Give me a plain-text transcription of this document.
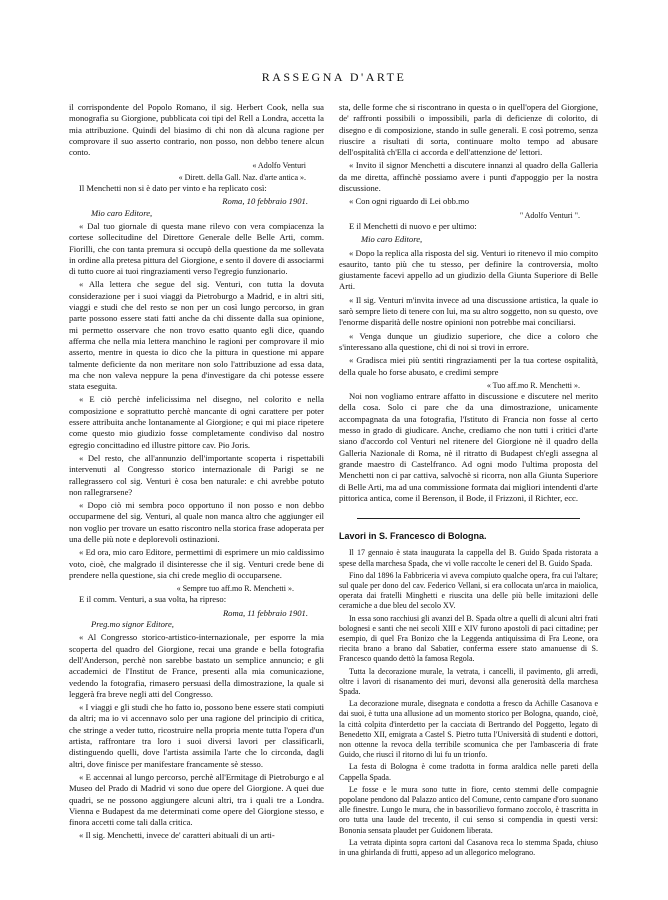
RASSEGNA D'ARTE

il corrispondente del Popolo Romano, il sig. Herbert Cook, nella sua monografia su Giorgione, pubblicata coi tipi del Rell a Londra, accetta la mia attribuzione. Quindi del biasimo di chi non dà alcuna ragione per comprovare il suo asserto contrario, non posso, non debbo tenere alcun conto.

« Adolfo Venturi
« Dirett. della Gall. Naz. d'arte antica ».

Il Menchetti non si è dato per vinto e ha replicato così:

Roma, 10 febbraio 1901.

Mio caro Editore,

« Dal tuo giornale di questa mane rilevo con vera compiacenza la cortese sollecitudine del Direttore Generale delle Belle Arti, comm. Fiorilli, che con tanta premura si occupò della questione da me sollevata in ordine alla pretesa pittura del Giorgione, e sento il dovere di associarmi di tutto cuore ai tuoi ringraziamenti verso l'egregio funzionario.

« Alla lettera che segue del sig. Venturi, con tutta la dovuta considerazione per i suoi viaggi da Pietroburgo a Madrid, e in altri siti, viaggi e studi che del resto se non per un così lungo percorso, in gran parte possono essere stati fatti anche da chi dissente dalla sua opinione, mi permetto osservare che non trovo esatto quanto egli dice, quando afferma che nella mia lettera manchino le ragioni per comprovare il mio asserto, mentre in questa io dico che la pittura in questione mi appare talmente deficiente da non meritare non solo l'attribuzione ad essa data, ma che non valeva neppure la pena d'investigare da chi potesse essere stata eseguita.

« E ciò perchè infelicissima nel disegno, nel colorito e nella composizione e soprattutto perchè mancante di ogni carattere per poter essere attribuita anche lontanamente al Giorgione; e qui mi piace ripetere come questo mio giudizio fosse completamente condiviso dal nostro egregio concittadino ed illustre pittore cav. Pio Joris.

« Del resto, che all'annunzio dell'importante scoperta i rispettabili intervenuti al Congresso storico internazionale di Parigi se ne rallegrassero col sig. Venturi è cosa ben naturale: e chi avrebbe potuto non rallegrarsene?

« Dopo ciò mi sembra poco opportuno il non posso e non debbo occuparmene del sig. Venturi, al quale non manca altro che aggiunger eil non voglio per trovare un esatto riscontro nella storica frase adoperata per una delle più note e deplorevoli ostinazioni.

« Ed ora, mio caro Editore, permettimi di esprimere un mio caldissimo voto, cioè, che malgrado il disinteresse che il sig. Venturi crede bene di prendere nella questione, sia chi crede meglio di occuparsene.

« Sempre tuo aff.mo R. Menchetti ».

E il comm. Venturi, a sua volta, ha ripreso:

Roma, 11 febbraio 1901.

Preg.mo signor Editore,

« Al Congresso storico-artistico-internazionale, per esporre la mia scoperta del quadro del Giorgione, recai una grande e bella fotografia dell'Anderson, perchè non sarebbe bastato un semplice annuncio; e gli accademici de l'Institut de France, presenti alla mia comunicazione, vedendo la fotografia, rimasero persuasi della dimostrazione, la quale si leggerà fra breve negli atti del Congresso.

« I viaggi e gli studi che ho fatto io, possono bene essere stati compiuti da altri; ma io vi accennavo solo per una ragione del principio di critica, che stringe a veder tutto, ricostruire nella propria mente tutta l'opera d'un artista, raffrontare tra loro i suoi diversi lavori per classificarli, distinguendo quelli, dove l'artista assimila l'arte che lo circonda, dagli altri, dove finisce per manifestare francamente sè stesso.

« E accennai al lungo percorso, perchè all'Ermitage di Pietroburgo e al Museo del Prado di Madrid vi sono due opere del Giorgione. A quei due quadri, se ne possono aggiungere alcuni altri, tra i quali tre a Londra. Vienna e Budapest da me determinati come opere del Giorgione stesso, e finora accetti come tali dalla critica.

« Il sig. Menchetti, invece de' caratteri abituali di un arti-

sta, delle forme che si riscontrano in questa o in quell'opera del Giorgione, de' raffronti possibili o impossibili, parla di deficienze di colorito, di disegno e di composizione, stando in sulle generali. E così potremo, senza riuscire a risultati di sorta, continuare molto tempo ad abusare dell'ospitalità ch'Ella ci accorda e dell'attenzione de' lettori.

« Invito il signor Menchetti a discutere innanzi al quadro della Galleria da me diretta, affinchè possiamo avere i punti d'appoggio per la nostra discussione.

« Con ogni riguardo di Lei obb.mo

" Adolfo Venturi ".

E il Menchetti di nuovo e per ultimo:

Mio caro Editore,

« Dopo la replica alla risposta del sig. Venturi io ritenevo il mio compito esaurito, tanto più che tu stesso, per definire la controversia, molto giustamente facevi appello ad un giudizio della Giunta Superiore di Belle Arti.

« Il sig. Venturi m'invita invece ad una discussione artistica, la quale io sarò sempre lieto di tenere con lui, ma su altro soggetto, non su questo, ove l'enorme disparità delle nostre opinioni non potrebbe mai conciliarsi.

« Venga dunque un giudizio superiore, che dice a coloro che s'interessano alla questione, chi di noi si trovi in errore.

« Gradisca miei più sentiti ringraziamenti per la tua cortese ospitalità, della quale ho forse abusato, e credimi sempre

« Tuo aff.mo R. Menchetti ».

Noi non vogliamo entrare affatto in discussione e discutere nel merito della cosa. Solo ci pare che da una dimostrazione, unicamente accompagnata da una fotografia, l'Istituto di Francia non fosse al certo messo in grado di giudicare. Anche, crediamo che non tutti i critici d'arte siano d'accordo col Venturi nel ritenere del Giorgione nè il quadro della Galleria Nazionale di Roma, nè il ritratto di Budapest ch'egli assegna al grande maestro di Castelfranco. Ad ogni modo l'ultima proposta del Menchetti non ci par cattiva, salvochè si ricorra, non alla Giunta Superiore di Belle Arti, ma ad una commissione formata dai migliori intendenti d'arte pittorica antica, come il Berenson, il Bode, il Frizzoni, il Richter, ecc.

Lavori in S. Francesco di Bologna.

Il 17 gennaio è stata inaugurata la cappella del B. Guido Spada ristorata a spese della marchesa Spada, che vi volle raccolte le ceneri del B. Guido Spada.

Fino dal 1896 la Fabbriceria vi aveva compiuto qualche opera, fra cui l'altare; sul quale per dono del cav. Federico Vellani, si era collocata un'arca in maiolica, operata dai fratelli Minghetti e riuscita una delle più belle imitazioni delle ceramiche a due bleu del secolo XV.

In essa sono racchiusi gli avanzi del B. Spada oltre a quelli di alcuni altri frati bolognesi e santi che nei secoli XIII e XIV furono apostoli di paci cittadine; per esempio, di quel Fra Bonizo che la Leggenda antiquissima di Fra Leone, ora riecita brano a brano dal Sabatier, conferma essere stato amanuense di S. Francesco quando dettò la famosa Regola.

Tutta la decorazione murale, la vetrata, i cancelli, il pavimento, gli arredi, oltre i lavori di risanamento dei muri, devonsi alla generosità della marchesa Spada.

La decorazione murale, disegnata e condotta a fresco da Achille Casanova e dai suoi, è tutta una allusione ad un momento storico per Bologna, quando, cioè, la città colpita d'interdetto per la cacciata di Bertrando del Poggetto, legato di Benedetto XII, emigrata a Castel S. Pietro tutta l'Università di studenti e dottori, non ottenne la revoca della terribile scomunica che per l'ambasceria di frate Guido, che riuscì il ritorno di lui fu un trionfo.

La festa di Bologna è come tradotta in forma araldica nelle pareti della Cappella Spada.

Le fosse e le mura sono tutte in fiore, cento stemmi delle compagnie popolane pendono dal Palazzo antico del Comune, cento campane d'oro suonano alle finestre. Lungo le mura, che in bassorilievo formano zoccolo, è trascritta in oro tutta una laude del trecento, il cui senso si compendia in questi versi: Bononia sensata plaudet per Guidonem liberata.

La vetrata dipinta sopra cartoni dal Casanova reca lo stemma Spada, chiuso in una ghirlanda di frutti, appeso ad un allegorico melograno.
